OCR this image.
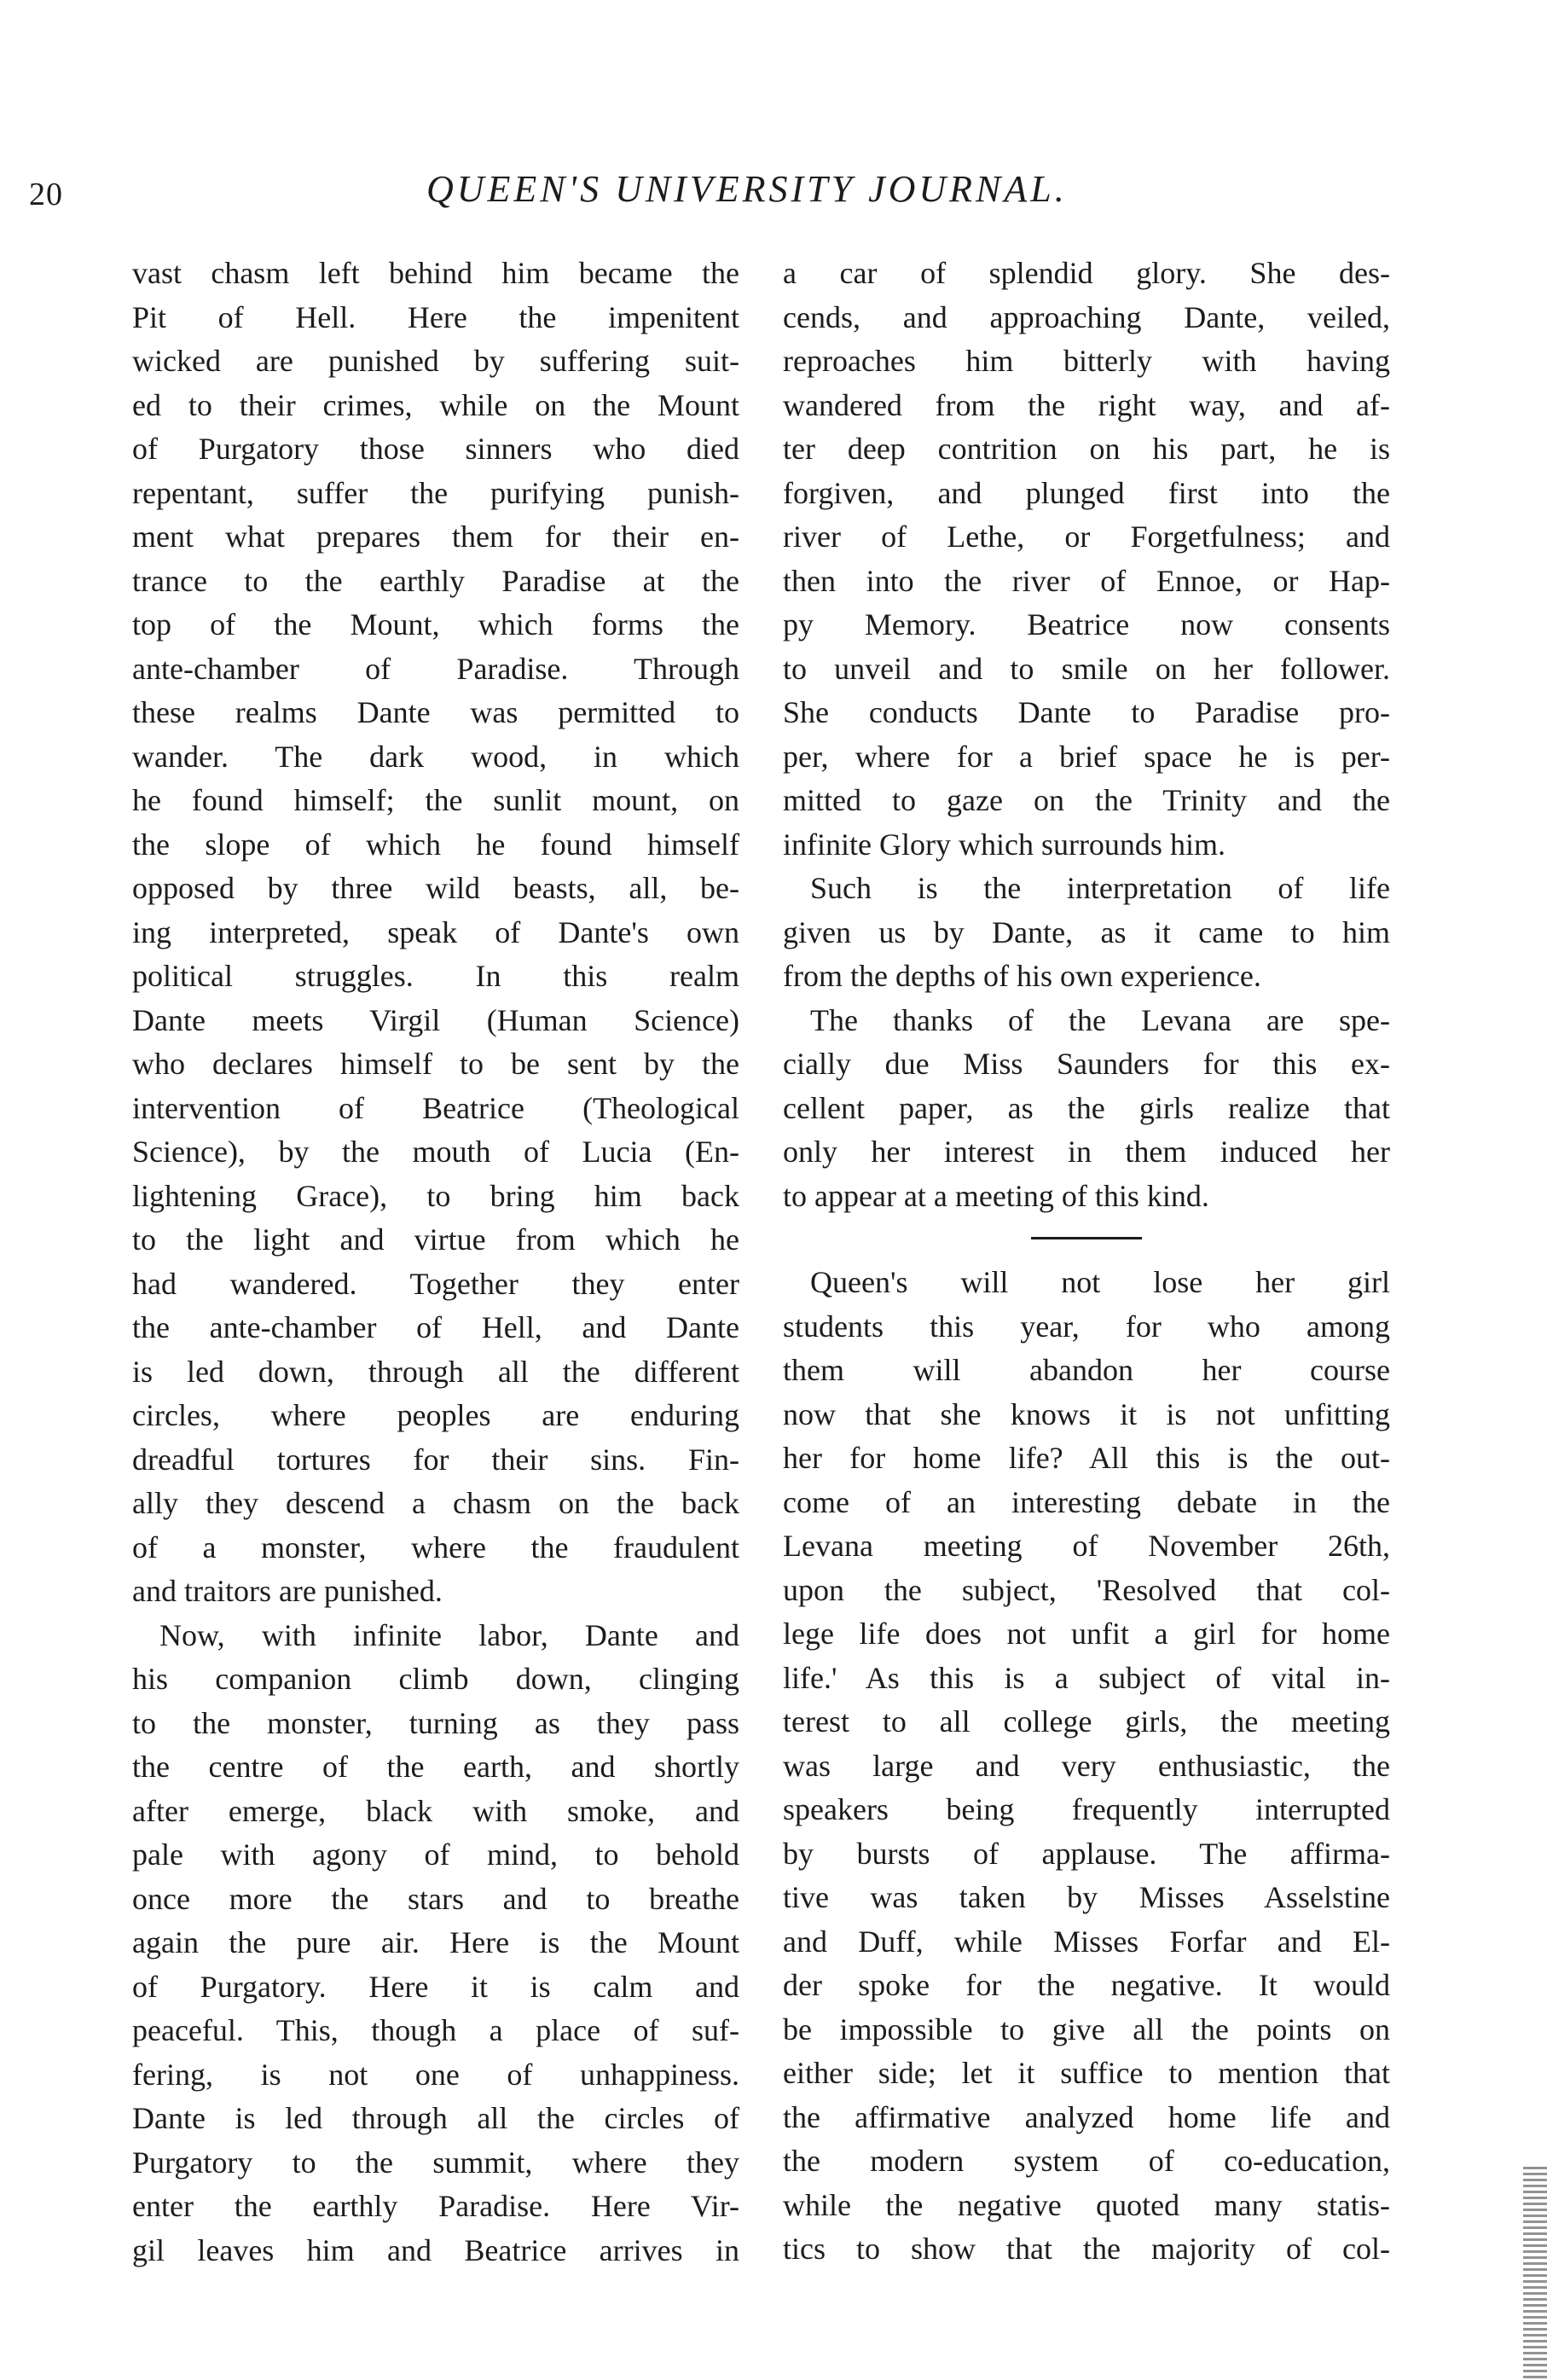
20	QUEEN'S UNIVERSITY JOURNAL.
vast chasm left behind him became the
Pit of Hell. Here the impenitent
wicked are punished by suffering suit-
ed to their crimes, while on the Mount
of Purgatory those sinners who died
repentant, suffer the purifying punish-
ment what prepares them for their en-
trance to the earthly Paradise at the
top of the Mount, which forms the
ante-chamber of Paradise. Through
these realms Dante was permitted to
wander. The dark wood, in which
he found himself; the sunlit mount, on
the slope of which he found himself
opposed by three wild beasts, all, be-
ing interpreted, speak of Dante's own
political struggles. In this realm
Dante meets Virgil (Human Science)
who declares himself to be sent by the
intervention of Beatrice (Theological
Science), by the mouth of Lucia (En-
lightening Grace), to bring him back
to the light and virtue from which he
had wandered. Together they enter
the ante-chamber of Hell, and Dante
is led down, through all the different
circles, where peoples are enduring
dreadful tortures for their sins. Fin-
ally they descend a chasm on the back
of a monster, where the fraudulent
and traitors are punished.
Now, with infinite labor, Dante and
his companion climb down, clinging
to the monster, turning as they pass
the centre of the earth, and shortly
after emerge, black with smoke, and
pale with agony of mind, to behold
once more the stars and to breathe
again the pure air. Here is the Mount
of Purgatory. Here it is calm and
peaceful. This, though a place of suf-
fering, is not one of unhappiness.
Dante is led through all the circles of
Purgatory to the summit, where they
enter the earthly Paradise. Here Vir-
gil leaves him and Beatrice arrives in
a car of splendid glory. She des-
cends, and approaching Dante, veiled,
reproaches him bitterly with having
wandered from the right way, and af-
ter deep contrition on his part, he is
forgiven, and plunged first into the
river of Lethe, or Forgetfulness; and
then into the river of Ennoe, or Hap-
py Memory. Beatrice now consents
to unveil and to smile on her follower.
She conducts Dante to Paradise pro-
per, where for a brief space he is per-
mitted to gaze on the Trinity and the
infinite Glory which surrounds him.
Such is the interpretation of life
given us by Dante, as it came to him
from the depths of his own experience.
The thanks of the Levana are spe-
cially due Miss Saunders for this ex-
cellent paper, as the girls realize that
only her interest in them induced her
to appear at a meeting of this kind.
Queen's will not lose her girl
students this year, for who among
them will abandon her course
now that she knows it is not unfitting
her for home life? All this is the out-
come of an interesting debate in the
Levana meeting of November 26th,
upon the subject, 'Resolved that col-
lege life does not unfit a girl for home
life.' As this is a subject of vital in-
terest to all college girls, the meeting
was large and very enthusiastic, the
speakers being frequently interrupted
by bursts of applause. The affirma-
tive was taken by Misses Asselstine
and Duff, while Misses Forfar and El-
der spoke for the negative. It would
be impossible to give all the points on
either side; let it suffice to mention that
the affirmative analyzed home life and
the modern system of co-education,
while the negative quoted many statis-
tics to show that the majority of col-
